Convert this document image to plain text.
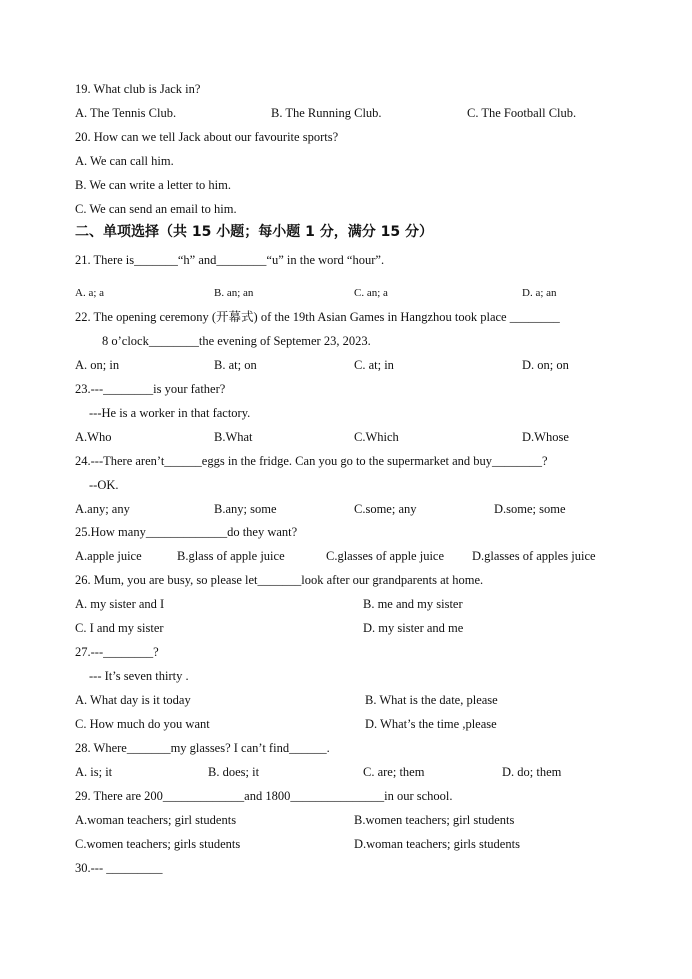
19. What club is Jack in?
A. The Tennis Club.	B. The Running Club.	C. The Football Club.
20. How can we tell Jack about our favourite sports?
A. We can call him.
B. We can write a letter to him.
C. We can send an email to him.
二、单项选择（共 15 小题；每小题 1 分，满分 15 分）
21. There is_______“h” and________“u” in the word “hour”.
A. a; a	B. an; an	C. an; a	D. a; an
22. The opening ceremony (开幕式) of the 19th Asian Games in Hangzhou took place ________
8 o’clock________the evening of Septemer 23, 2023.
A. on; in	B. at; on	C. at; in	D. on; on
23.---________is your father?
---He is a worker in that factory.
A.Who	B.What	C.Which	D.Whose
24.---There aren’t______eggs in the fridge. Can you go to the supermarket and buy________?
--OK.
A.any; any	B.any; some	C.some; any	D.some; some
25.How many_____________do they want?
A.apple juice	B.glass of apple juice	C.glasses of apple juice D.glasses of apples juice
26. Mum, you are busy, so please let_______look after our grandparents at home.
A. my sister and I	B. me and my sister
C. I and my sister	D. my sister and me
27.---________?
--- It’s seven thirty .
A. What day is it today	B. What is the date, please
C. How much do you want	D. What’s the time ,please
28. Where_______my glasses? I can’t find______.
A. is; it	B. does; it	C. are; them	D. do; them
29. There are 200_____________and 1800_______________in our school.
A.woman teachers; girl students	B.women teachers; girl students
C.women teachers; girls students	D.woman teachers; girls students
30.--- _________
